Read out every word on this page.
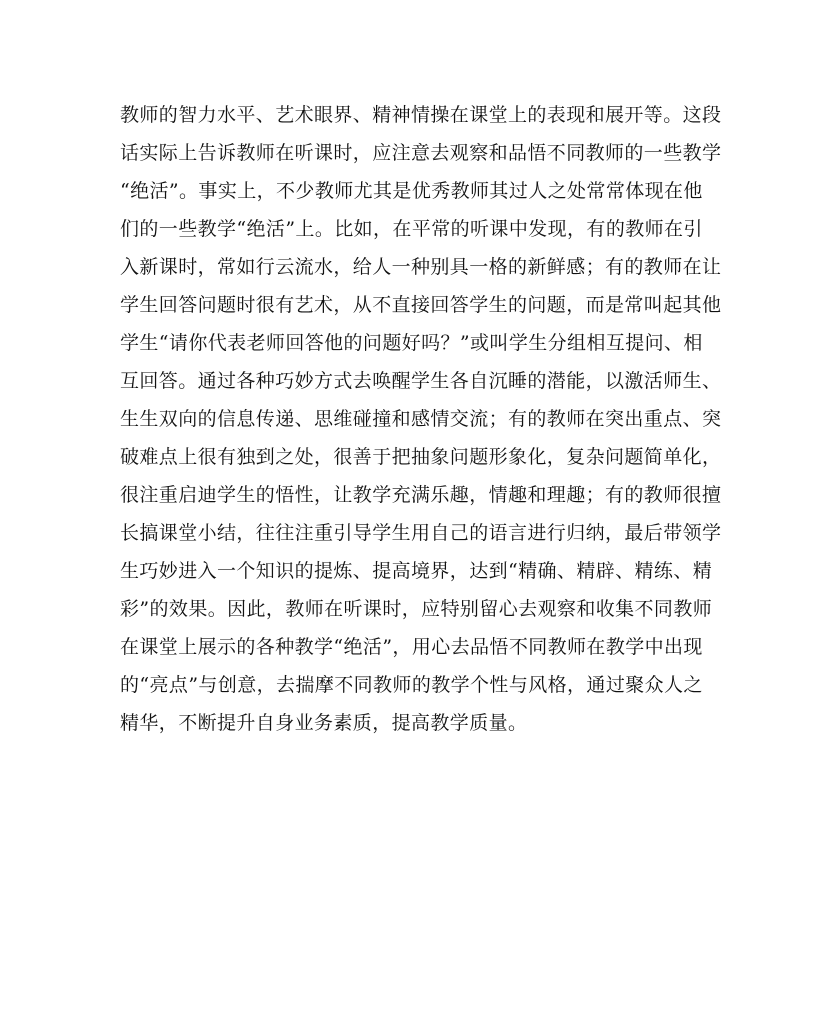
教师的智力水平、艺术眼界、精神情操在课堂上的表现和展开等。这段
话实际上告诉教师在听课时，应注意去观察和品悟不同教师的一些教学
“绝活”。事实上，不少教师尤其是优秀教师其过人之处常常体现在他
们的一些教学“绝活”上。比如，在平常的听课中发现，有的教师在引
入新课时，常如行云流水，给人一种别具一格的新鲜感；有的教师在让
学生回答问题时很有艺术，从不直接回答学生的问题，而是常叫起其他
学生“请你代表老师回答他的问题好吗？”或叫学生分组相互提问、相
互回答。通过各种巧妙方式去唤醒学生各自沉睡的潜能，以激活师生、
生生双向的信息传递、思维碰撞和感情交流；有的教师在突出重点、突
破难点上很有独到之处，很善于把抽象问题形象化，复杂问题简单化，
很注重启迪学生的悟性，让教学充满乐趣，情趣和理趣；有的教师很擅
长搞课堂小结，往往注重引导学生用自己的语言进行归纳，最后带领学
生巧妙进入一个知识的提炼、提高境界，达到“精确、精辟、精练、精
彩”的效果。因此，教师在听课时，应特别留心去观察和收集不同教师
在课堂上展示的各种教学“绝活”，用心去品悟不同教师在教学中出现
的“亮点”与创意，去揣摩不同教师的教学个性与风格，通过聚众人之
精华，不断提升自身业务素质，提高教学质量。
